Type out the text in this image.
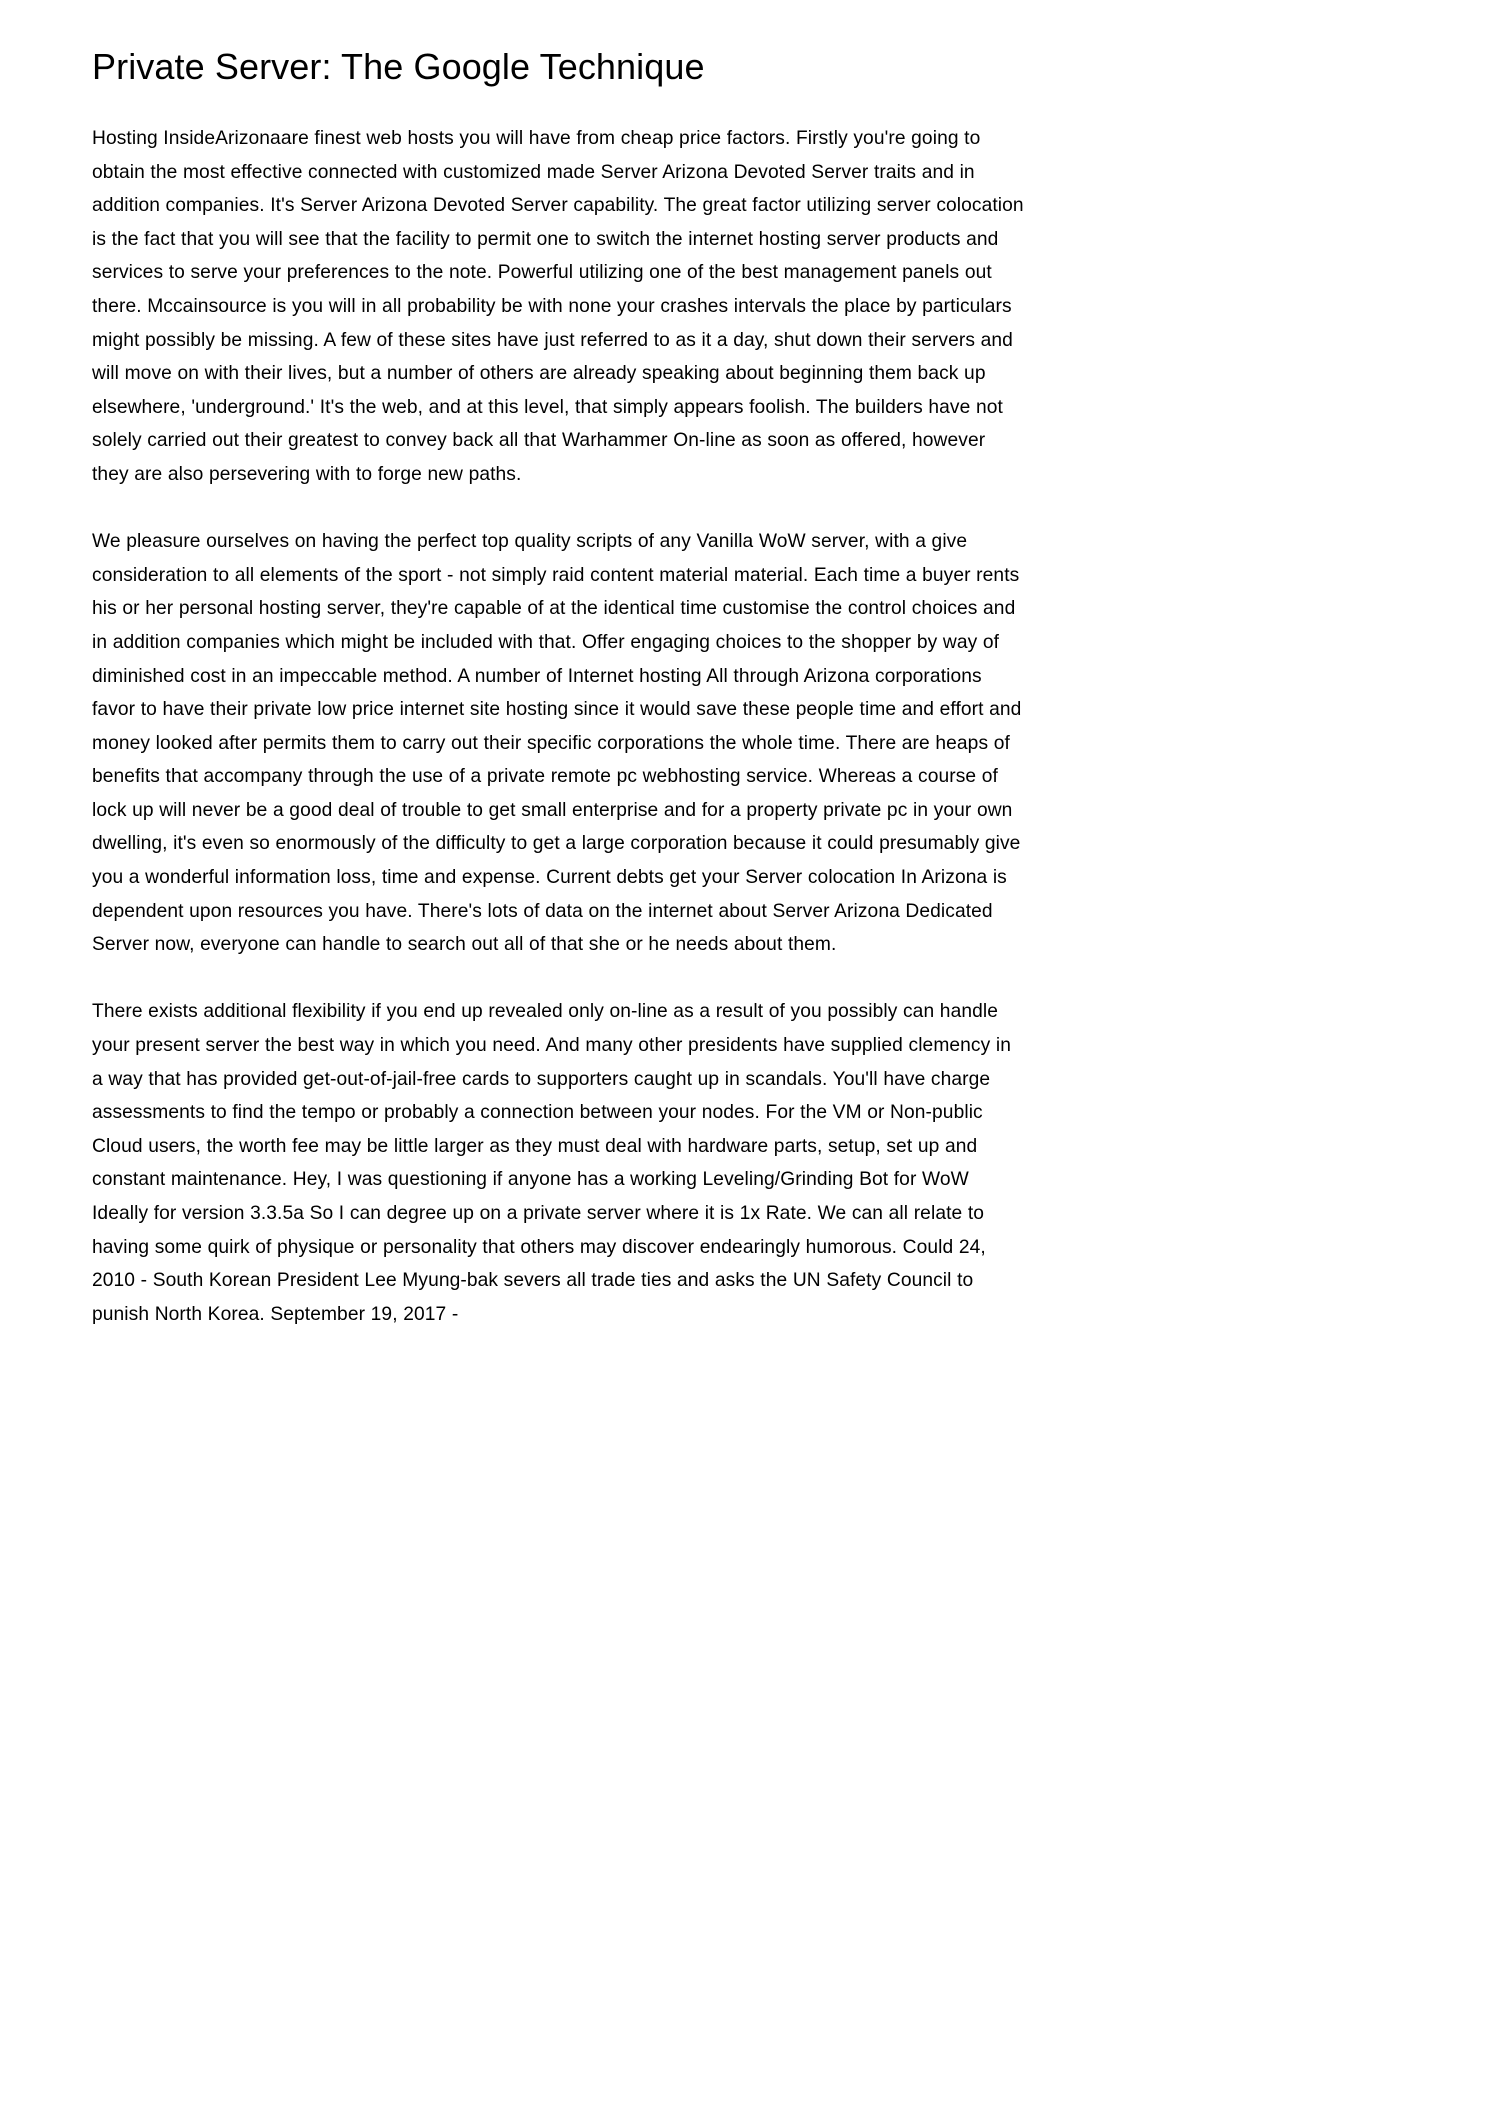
Private Server: The Google Technique

Hosting InsideArizonaare finest web hosts you will have from cheap price factors. Firstly you're going to obtain the most effective connected with customized made Server Arizona Devoted Server traits and in addition companies. It's Server Arizona Devoted Server capability. The great factor utilizing server colocation is the fact that you will see that the facility to permit one to switch the internet hosting server products and services to serve your preferences to the note. Powerful utilizing one of the best management panels out there. Mccainsource is you will in all probability be with none your crashes intervals the place by particulars might possibly be missing. A few of these sites have just referred to as it a day, shut down their servers and will move on with their lives, but a number of others are already speaking about beginning them back up elsewhere, 'underground.' It's the web, and at this level, that simply appears foolish. The builders have not solely carried out their greatest to convey back all that Warhammer On-line as soon as offered, however they are also persevering with to forge new paths.

We pleasure ourselves on having the perfect top quality scripts of any Vanilla WoW server, with a give consideration to all elements of the sport - not simply raid content material material. Each time a buyer rents his or her personal hosting server, they're capable of at the identical time customise the control choices and in addition companies which might be included with that. Offer engaging choices to the shopper by way of diminished cost in an impeccable method. A number of Internet hosting All through Arizona corporations favor to have their private low price internet site hosting since it would save these people time and effort and money looked after permits them to carry out their specific corporations the whole time. There are heaps of benefits that accompany through the use of a private remote pc webhosting service. Whereas a course of lock up will never be a good deal of trouble to get small enterprise and for a property private pc in your own dwelling, it's even so enormously of the difficulty to get a large corporation because it could presumably give you a wonderful information loss, time and expense. Current debts get your Server colocation In Arizona is dependent upon resources you have. There's lots of data on the internet about Server Arizona Dedicated Server now, everyone can handle to search out all of that she or he needs about them.

There exists additional flexibility if you end up revealed only on-line as a result of you possibly can handle your present server the best way in which you need. And many other presidents have supplied clemency in a way that has provided get-out-of-jail-free cards to supporters caught up in scandals. You'll have charge assessments to find the tempo or probably a connection between your nodes. For the VM or Non-public Cloud users, the worth fee may be little larger as they must deal with hardware parts, setup, set up and constant maintenance. Hey, I was questioning if anyone has a working Leveling/Grinding Bot for WoW Ideally for version 3.3.5a So I can degree up on a private server where it is 1x Rate. We can all relate to having some quirk of physique or personality that others may discover endearingly humorous. Could 24, 2010 - South Korean President Lee Myung-bak severs all trade ties and asks the UN Safety Council to punish North Korea. September 19, 2017 -
